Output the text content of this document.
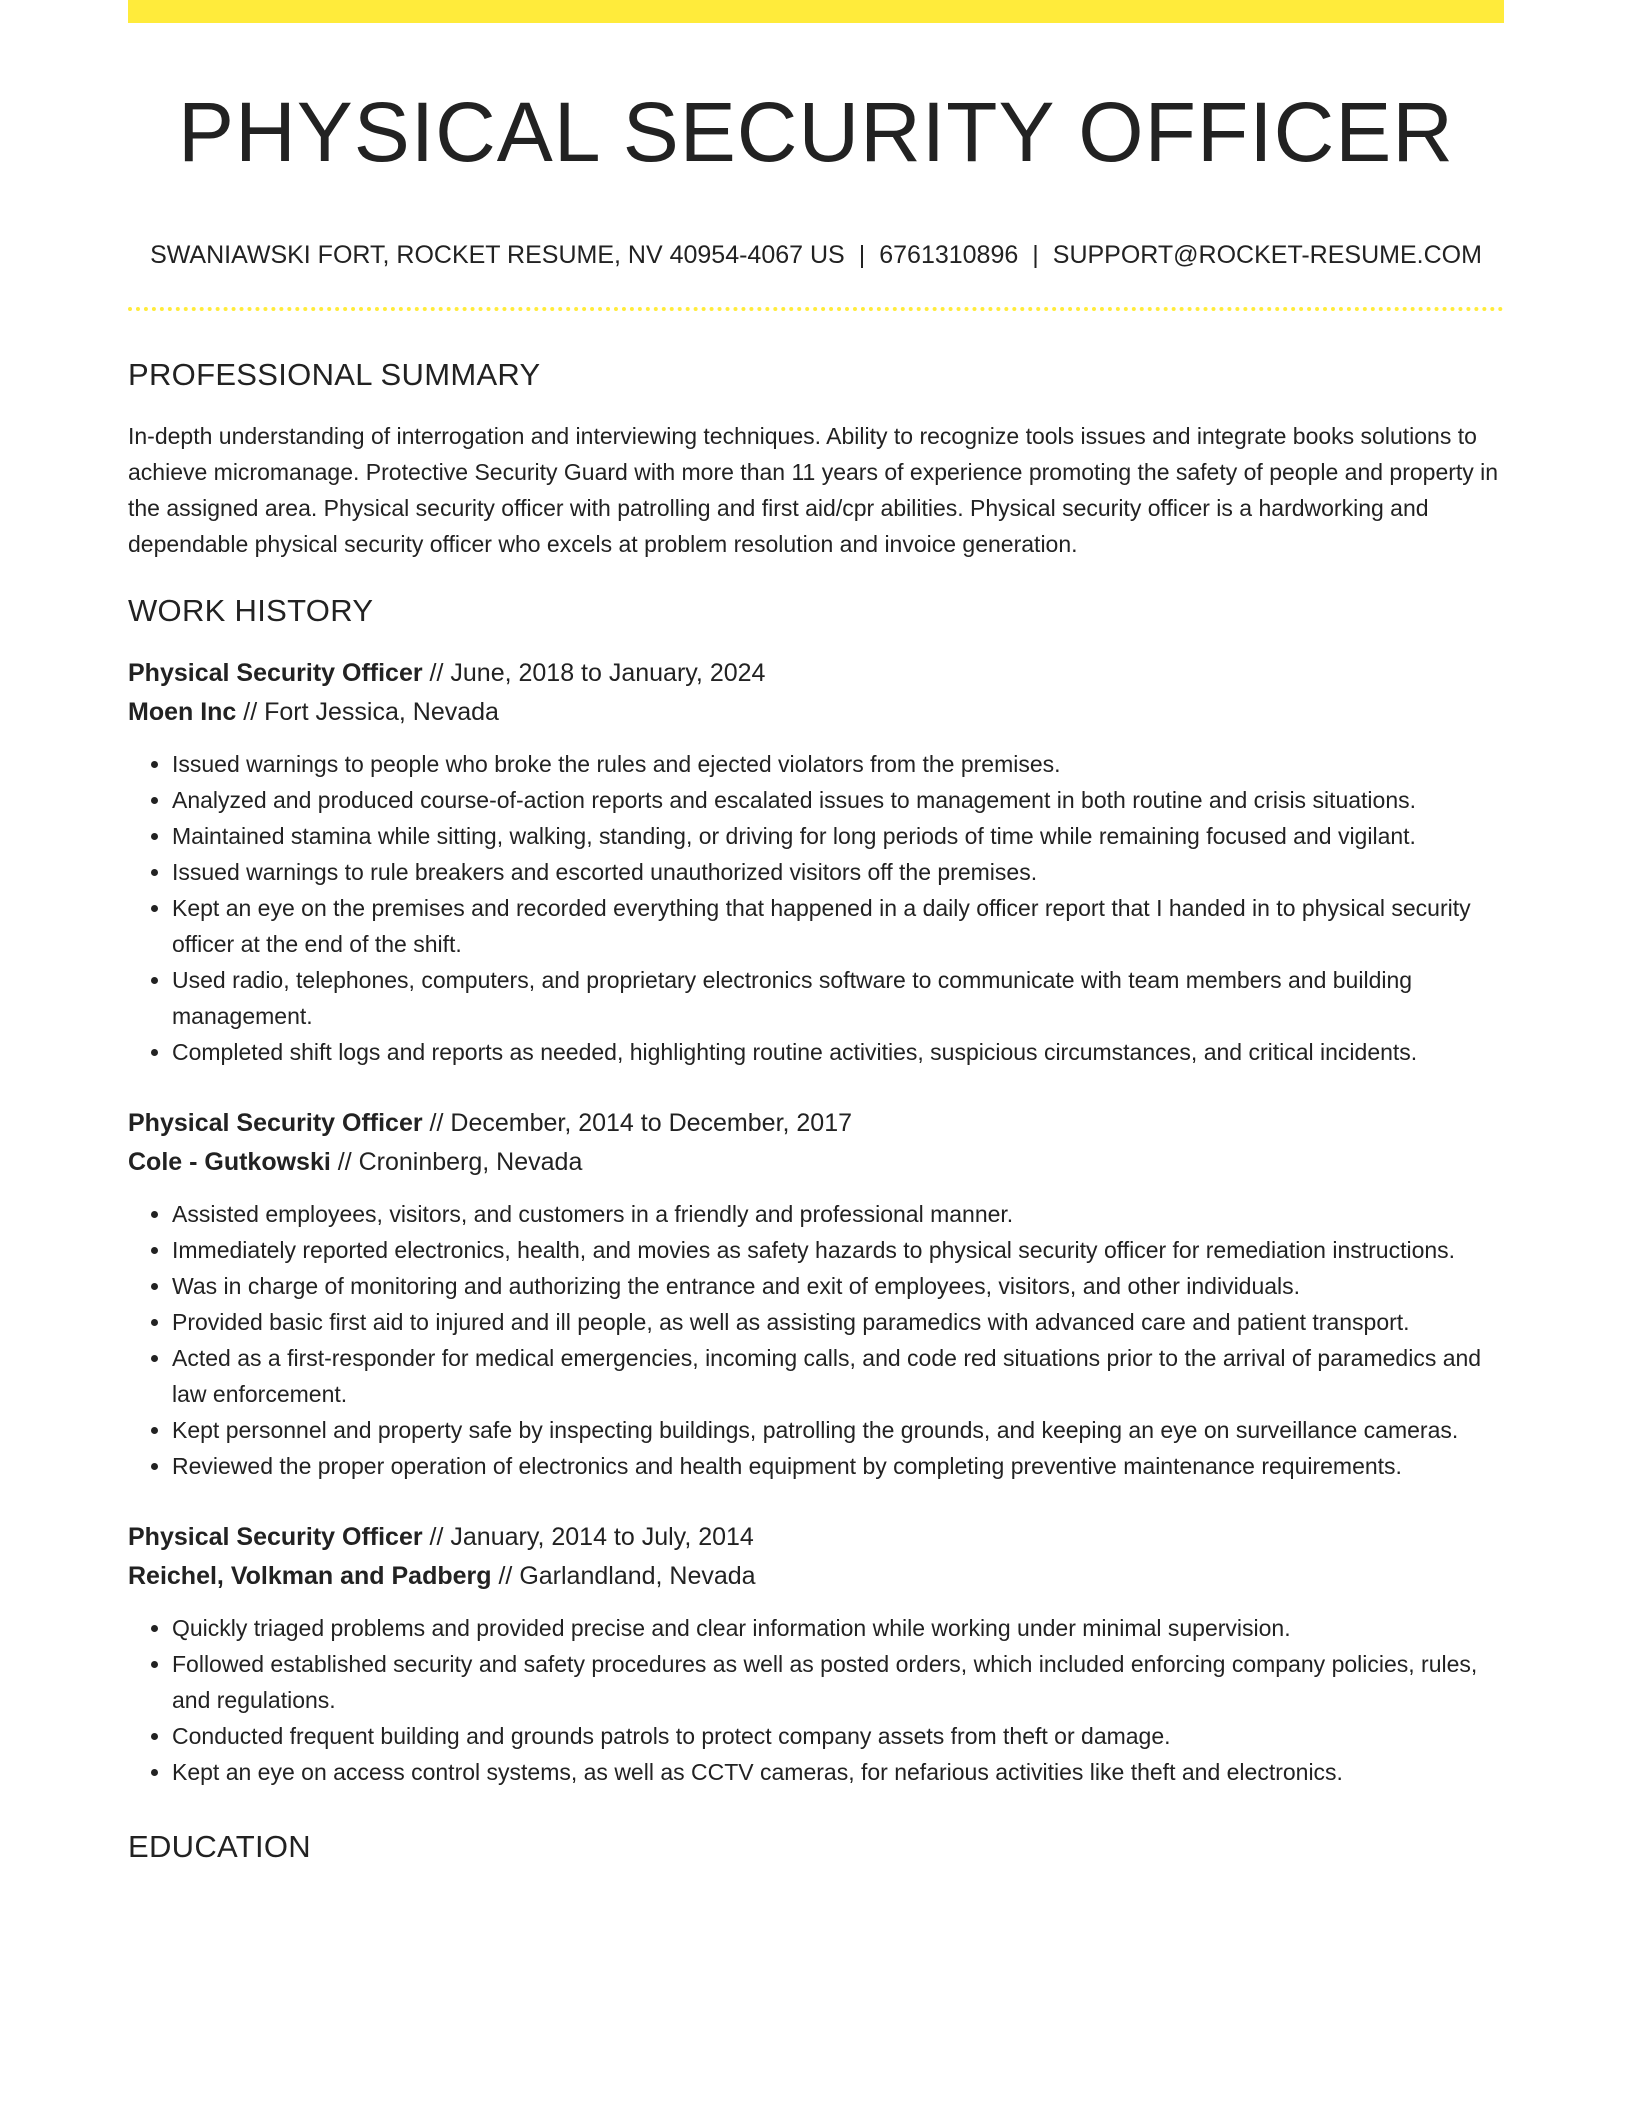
PHYSICAL SECURITY OFFICER
SWANIAWSKI FORT, ROCKET RESUME, NV 40954-4067 US | 6761310896 | SUPPORT@ROCKET-RESUME.COM
PROFESSIONAL SUMMARY

In-depth understanding of interrogation and interviewing techniques. Ability to recognize tools issues and integrate books solutions to achieve micromanage. Protective Security Guard with more than 11 years of experience promoting the safety of people and property in the assigned area. Physical security officer with patrolling and first aid/cpr abilities. Physical security officer is a hardworking and dependable physical security officer who excels at problem resolution and invoice generation.

WORK HISTORY
Physical Security Officer // June, 2018 to January, 2024
Moen Inc // Fort Jessica, Nevada
• Issued warnings to people who broke the rules and ejected violators from the premises.
• Analyzed and produced course-of-action reports and escalated issues to management in both routine and crisis situations.
• Maintained stamina while sitting, walking, standing, or driving for long periods of time while remaining focused and vigilant.
• Issued warnings to rule breakers and escorted unauthorized visitors off the premises.
• Kept an eye on the premises and recorded everything that happened in a daily officer report that I handed in to physical security officer at the end of the shift.
• Used radio, telephones, computers, and proprietary electronics software to communicate with team members and building management.
• Completed shift logs and reports as needed, highlighting routine activities, suspicious circumstances, and critical incidents.
Physical Security Officer // December, 2014 to December, 2017
Cole - Gutkowski // Croninberg, Nevada
• Assisted employees, visitors, and customers in a friendly and professional manner.
• Immediately reported electronics, health, and movies as safety hazards to physical security officer for remediation instructions.
• Was in charge of monitoring and authorizing the entrance and exit of employees, visitors, and other individuals.
• Provided basic first aid to injured and ill people, as well as assisting paramedics with advanced care and patient transport.
• Acted as a first-responder for medical emergencies, incoming calls, and code red situations prior to the arrival of paramedics and law enforcement.
• Kept personnel and property safe by inspecting buildings, patrolling the grounds, and keeping an eye on surveillance cameras.
• Reviewed the proper operation of electronics and health equipment by completing preventive maintenance requirements.
Physical Security Officer // January, 2014 to July, 2014
Reichel, Volkman and Padberg // Garlandland, Nevada
• Quickly triaged problems and provided precise and clear information while working under minimal supervision.
• Followed established security and safety procedures as well as posted orders, which included enforcing company policies, rules, and regulations.
• Conducted frequent building and grounds patrols to protect company assets from theft or damage.
• Kept an eye on access control systems, as well as CCTV cameras, for nefarious activities like theft and electronics.
EDUCATION
